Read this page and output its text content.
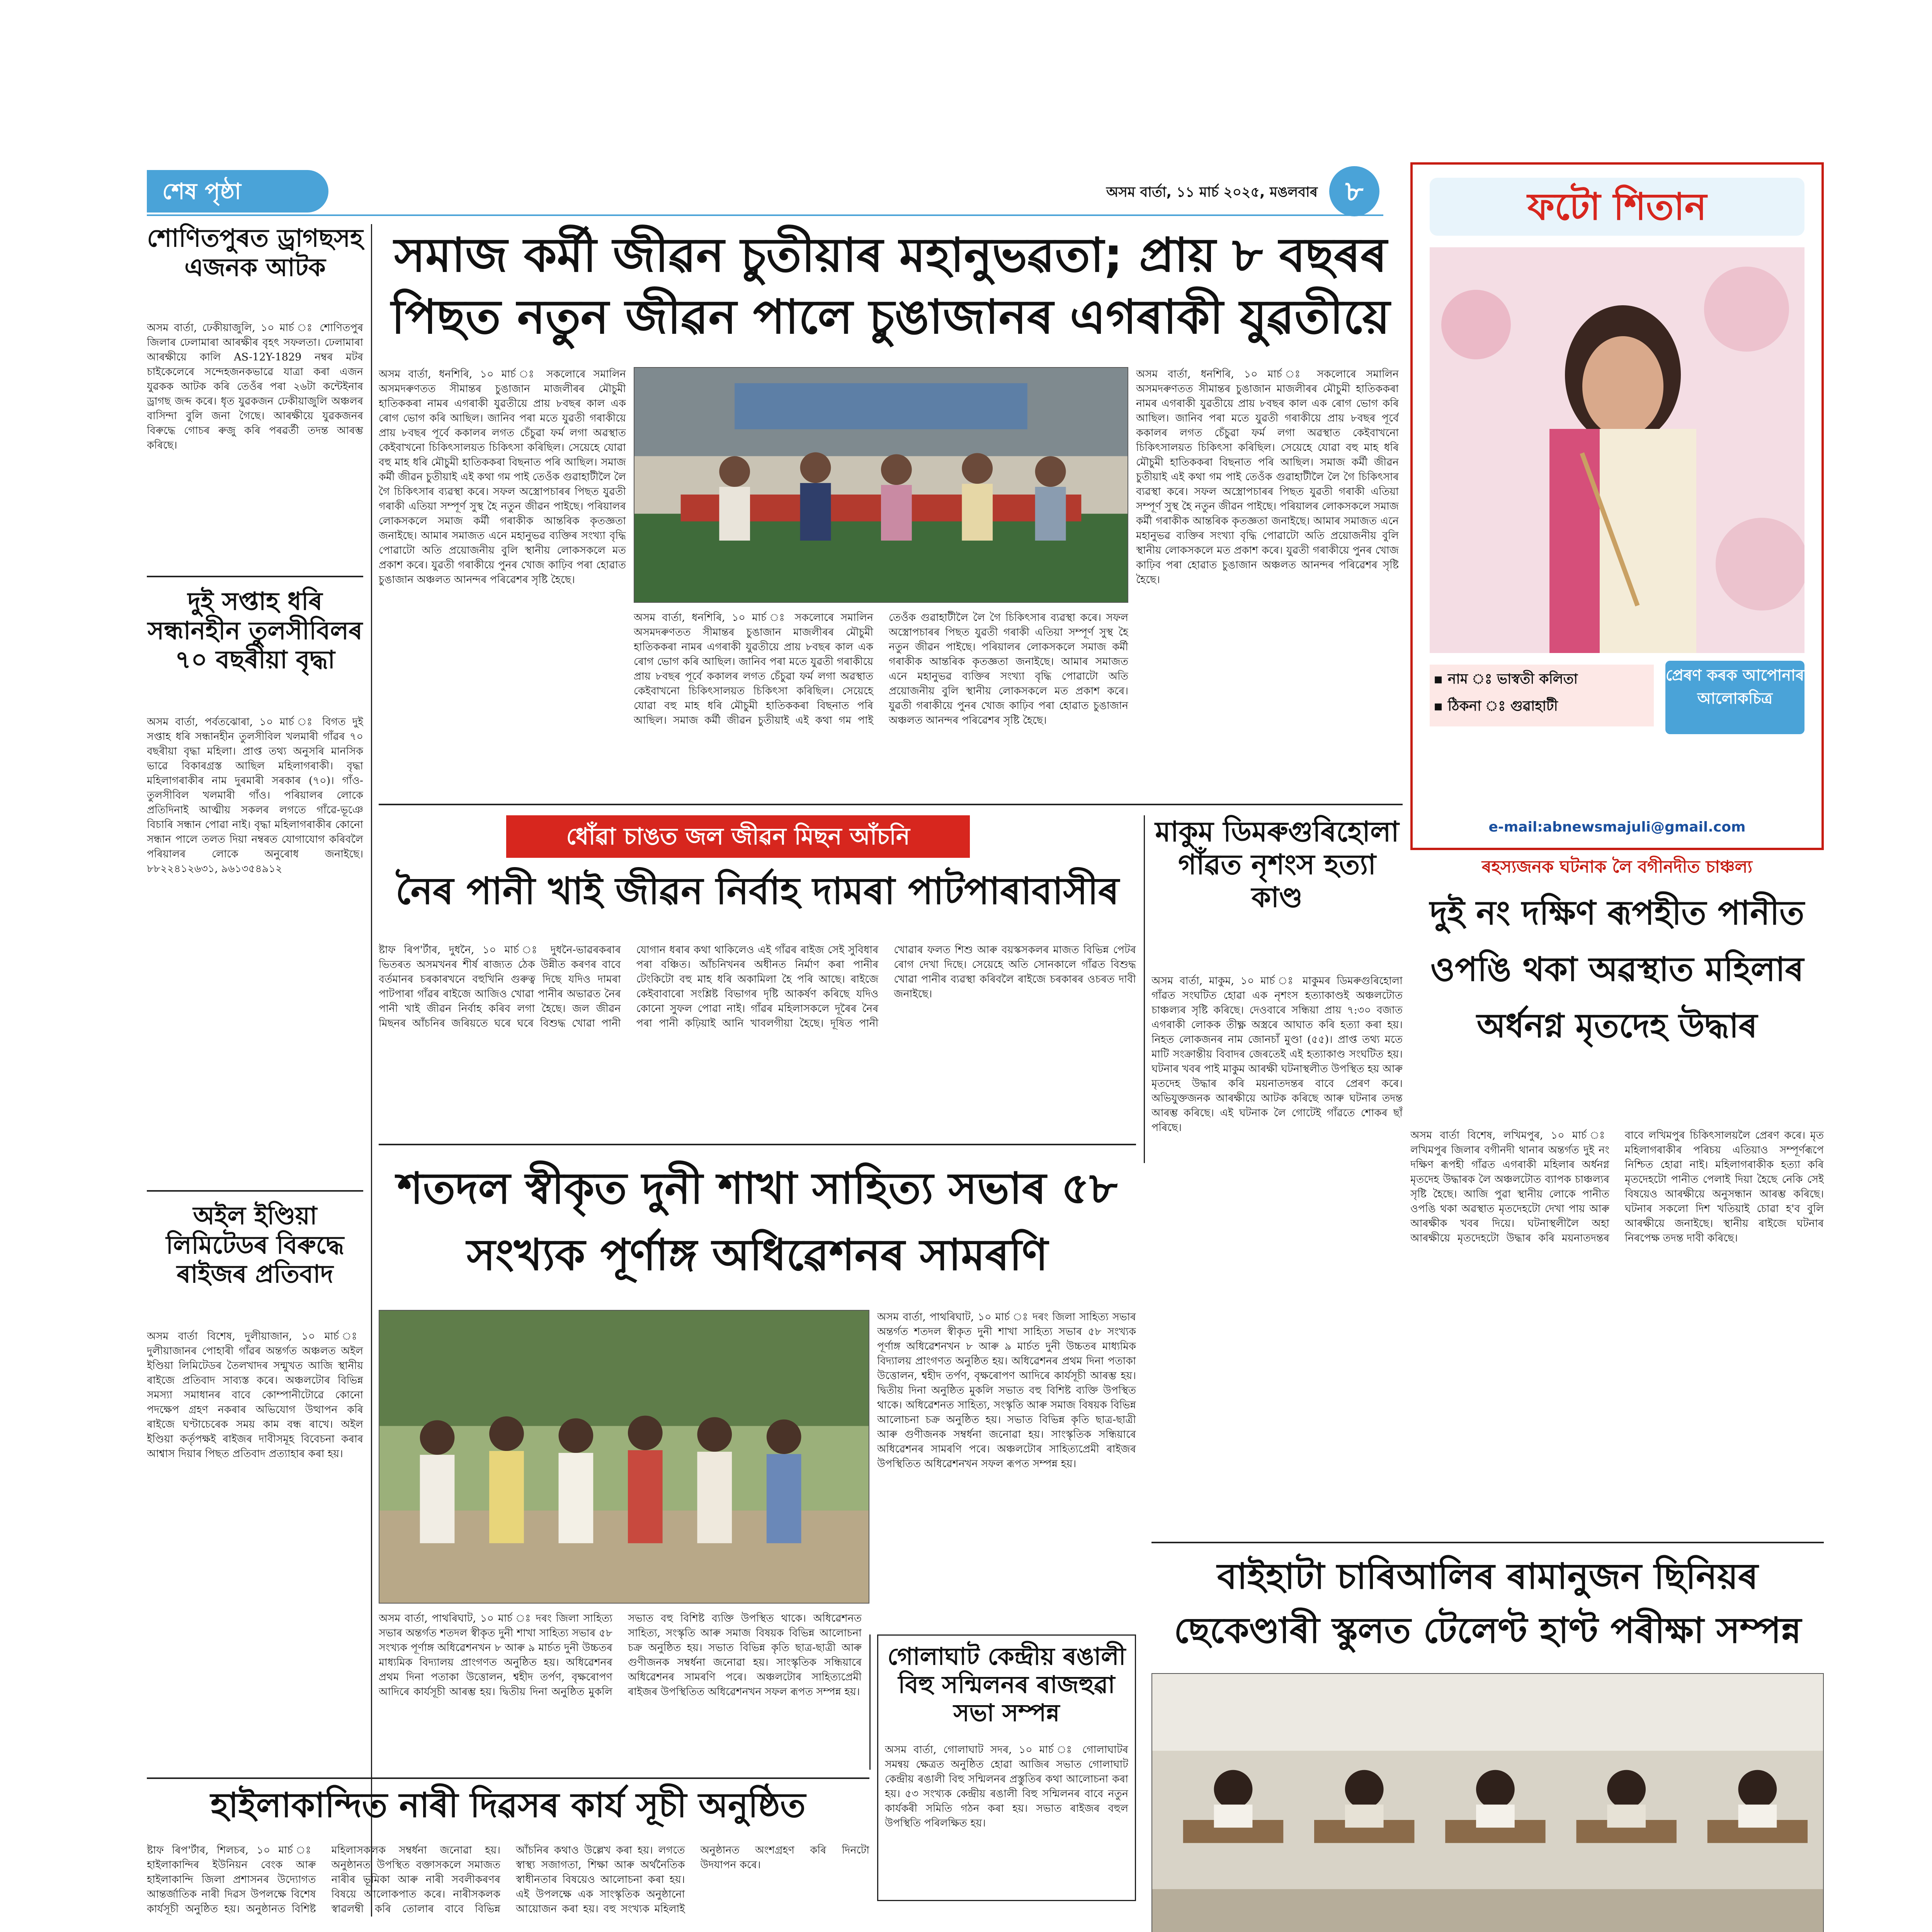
শেষ পৃষ্ঠা	অসম বাৰ্তা, ১১ মাৰ্চ ২০২৫, মঙলবাৰ ৮
শোণিতপুৰত ড্ৰাগছসহ এজনক আটক
অসম বাৰ্তা, ঢেকীয়াজুলি, ১০ মাৰ্চ ঃ শোণিতপুৰ জিলাৰ ঢেলামাৰা আৰক্ষীৰ বৃহৎ সফলতা। ঢেলামাৰা আৰক্ষীয়ে কালি AS-12Y-1829 নম্বৰ মটৰ চাইকেলেৰে সন্দেহজনকভাৱে যাত্ৰা কৰা এজন যুৱকক আটক কৰি তেওঁৰ পৰা ২৬টা কন্টেইনাৰ ড্ৰাগছ জব্দ কৰে। ধৃত যুৱকজন ঢেকীয়াজুলি অঞ্চলৰ বাসিন্দা বুলি জনা গৈছে। আৰক্ষীয়ে যুৱকজনৰ বিৰুদ্ধে গোচৰ ৰুজু কৰি পৰৱৰ্তী তদন্ত আৰম্ভ কৰিছে।
দুই সপ্তাহ ধৰি সন্ধানহীন তুলসীবিলৰ ৭০ বছৰীয়া বৃদ্ধা
অসম বাৰ্তা, পৰ্বতঝোৰা, ১০ মাৰ্চ ঃ বিগত দুই সপ্তাহ ধৰি সন্ধানহীন তুলসীবিল খলমাৰী গাঁৱৰ ৭০ বছৰীয়া বৃদ্ধা মহিলা। প্ৰাপ্ত তথ্য অনুসৰি মানসিক ভাৱে বিকাৰগ্ৰস্ত আছিল মহিলাগৰাকী। বৃদ্ধা মহিলাগৰাকীৰ নাম দুৰমাৰী সৰকাৰ (৭০)। গাঁও-তুলসীবিল খলমাৰী গাঁও। পৰিয়ালৰ লোকে প্ৰতিদিনাই আত্মীয় সকলৰ লগতে গাঁৱে-ভূঞে বিচাৰি সন্ধান পোৱা নাই। বৃদ্ধা মহিলাগৰাকীৰ কোনো সন্ধান পালে তলত দিয়া নম্বৰত যোগাযোগ কৰিবলৈ পৰিয়ালৰ লোকে অনুৰোধ জনাইছে। ৮৮২২৪১২৬৩১, ৯৬১৩৫৪৯১২
অইল ইণ্ডিয়া লিমিটেডৰ বিৰুদ্ধে ৰাইজৰ প্ৰতিবাদ
অসম বাৰ্তা বিশেষ, দুলীয়াজান, ১০ মাৰ্চ ঃ দুলীয়াজানৰ পোহাৰী গাঁৱৰ অন্তৰ্গত অঞ্চলত অইল ইণ্ডিয়া লিমিটেডৰ তৈলখাদৰ সন্মুখত আজি স্থানীয় ৰাইজে প্ৰতিবাদ সাব্যস্ত কৰে। অঞ্চলটোৰ বিভিন্ন সমস্যা সমাধানৰ বাবে কোম্পানীটোৱে কোনো পদক্ষেপ গ্ৰহণ নকৰাৰ অভিযোগ উত্থাপন কৰি ৰাইজে ঘণ্টাচেৰেক সময় কাম বন্ধ ৰাখে। অইল ইণ্ডিয়া কৰ্তৃপক্ষই ৰাইজৰ দাবীসমূহ বিবেচনা কৰাৰ আশ্বাস দিয়াৰ পিছত প্ৰতিবাদ প্ৰত্যাহাৰ কৰা হয়।
সমাজ কৰ্মী জীৱন চুতীয়াৰ মহানুভৱতা; প্ৰায় ৮ বছৰৰ পিছত নতুন জীৱন পালে চুঙাজানৰ এগৰাকী যুৱতীয়ে
অসম বাৰ্তা, ধনশিৰি, ১০ মাৰ্চ ঃ সকলোৰে সমালিন অসমদৰুণতত সীমান্তৰ চুঙাজান মাজলীৰৰ মৌচুমী হাতিককৰা নামৰ এগৰাকী যুৱতীয়ে প্ৰায় ৮বছৰ কাল এক ৰোগ ভোগ কৰি আছিল। জানিব পৰা মতে যুৱতী গৰাকীয়ে প্ৰায় ৮বছৰ পূৰ্বে ককালৰ লগত চেঁচুৱা ফৰ্ম লগা অৱস্থাত কেইবাখনো চিকিৎসালয়ত চিকিৎসা কৰিছিল। সেয়েহে যোৱা বহু মাহ ধৰি মৌচুমী হাতিককৰা বিছনাত পৰি আছিল। সমাজ কৰ্মী জীৱন চুতীয়াই এই কথা গম পাই তেওঁক গুৱাহাটীলৈ লৈ গৈ চিকিৎসাৰ ব্যৱস্থা কৰে। সফল অস্ত্ৰোপচাৰৰ পিছত যুৱতী গৰাকী এতিয়া সম্পূৰ্ণ সুস্থ হৈ নতুন জীৱন পাইছে। পৰিয়ালৰ লোকসকলে সমাজ কৰ্মী গৰাকীক আন্তৰিক কৃতজ্ঞতা জনাইছে। আমাৰ সমাজত এনে মহানুভৱ ব্যক্তিৰ সংখ্যা বৃদ্ধি পোৱাটো অতি প্ৰয়োজনীয় বুলি স্থানীয় লোকসকলে মত প্ৰকাশ কৰে। যুৱতী গৰাকীয়ে পুনৰ খোজ কাঢ়িব পৰা হোৱাত চুঙাজান অঞ্চলত আনন্দৰ পৰিৱেশৰ সৃষ্টি হৈছে।
অসম বাৰ্তা, ধনশিৰি, ১০ মাৰ্চ ঃ সকলোৰে সমালিন অসমদৰুণতত সীমান্তৰ চুঙাজান মাজলীৰৰ মৌচুমী হাতিককৰা নামৰ এগৰাকী যুৱতীয়ে প্ৰায় ৮বছৰ কাল এক ৰোগ ভোগ কৰি আছিল। জানিব পৰা মতে যুৱতী গৰাকীয়ে প্ৰায় ৮বছৰ পূৰ্বে ককালৰ লগত চেঁচুৱা ফৰ্ম লগা অৱস্থাত কেইবাখনো চিকিৎসালয়ত চিকিৎসা কৰিছিল। সেয়েহে যোৱা বহু মাহ ধৰি মৌচুমী হাতিককৰা বিছনাত পৰি আছিল। সমাজ কৰ্মী জীৱন চুতীয়াই এই কথা গম পাই তেওঁক গুৱাহাটীলৈ লৈ গৈ চিকিৎসাৰ ব্যৱস্থা কৰে। সফল অস্ত্ৰোপচাৰৰ পিছত যুৱতী গৰাকী এতিয়া সম্পূৰ্ণ সুস্থ হৈ নতুন জীৱন পাইছে। পৰিয়ালৰ লোকসকলে সমাজ কৰ্মী গৰাকীক আন্তৰিক কৃতজ্ঞতা জনাইছে। আমাৰ সমাজত এনে মহানুভৱ ব্যক্তিৰ সংখ্যা বৃদ্ধি পোৱাটো অতি প্ৰয়োজনীয় বুলি স্থানীয় লোকসকলে মত প্ৰকাশ কৰে। যুৱতী গৰাকীয়ে পুনৰ খোজ কাঢ়িব পৰা হোৱাত চুঙাজান অঞ্চলত আনন্দৰ পৰিৱেশৰ সৃষ্টি হৈছে।
অসম বাৰ্তা, ধনশিৰি, ১০ মাৰ্চ ঃ সকলোৰে সমালিন অসমদৰুণতত সীমান্তৰ চুঙাজান মাজলীৰৰ মৌচুমী হাতিককৰা নামৰ এগৰাকী যুৱতীয়ে প্ৰায় ৮বছৰ কাল এক ৰোগ ভোগ কৰি আছিল। জানিব পৰা মতে যুৱতী গৰাকীয়ে প্ৰায় ৮বছৰ পূৰ্বে ককালৰ লগত চেঁচুৱা ফৰ্ম লগা অৱস্থাত কেইবাখনো চিকিৎসালয়ত চিকিৎসা কৰিছিল। সেয়েহে যোৱা বহু মাহ ধৰি মৌচুমী হাতিককৰা বিছনাত পৰি আছিল। সমাজ কৰ্মী জীৱন চুতীয়াই এই কথা গম পাই তেওঁক গুৱাহাটীলৈ লৈ গৈ চিকিৎসাৰ ব্যৱস্থা কৰে। সফল অস্ত্ৰোপচাৰৰ পিছত যুৱতী গৰাকী এতিয়া সম্পূৰ্ণ সুস্থ হৈ নতুন জীৱন পাইছে। পৰিয়ালৰ লোকসকলে সমাজ কৰ্মী গৰাকীক আন্তৰিক কৃতজ্ঞতা জনাইছে। আমাৰ সমাজত এনে মহানুভৱ ব্যক্তিৰ সংখ্যা বৃদ্ধি পোৱাটো অতি প্ৰয়োজনীয় বুলি স্থানীয় লোকসকলে মত প্ৰকাশ কৰে। যুৱতী গৰাকীয়ে পুনৰ খোজ কাঢ়িব পৰা হোৱাত চুঙাজান অঞ্চলত আনন্দৰ পৰিৱেশৰ সৃষ্টি হৈছে।
ধোঁৱা চাঙত জল জীৱন মিছন আঁচনি
নৈৰ পানী খাই জীৱন নিৰ্বাহ দামৰা পাটপাৰাবাসীৰ
ষ্টাফ ৰিপ'ৰ্টাৰ, দুধনৈ, ১০ মাৰ্চ ঃ দুধনৈ-ভাৱৰকৰাৰ ভিতৰত অসমখনৰ শীৰ্ষ ৰাজ্যত ঠেক উন্নীত কৰণৰ বাবে বৰ্তমানৰ চৰকাৰখনে বহুখিনি গুৰুত্ব দিছে যদিও দামৰা পাটপাৰা গাঁৱৰ ৰাইজে আজিও খোৱা পানীৰ অভাৱত নৈৰ পানী খাই জীৱন নিৰ্বাহ কৰিব লগা হৈছে। জল জীৱন মিছনৰ আঁচনিৰ জৰিয়তে ঘৰে ঘৰে বিশুদ্ধ খোৱা পানী যোগান ধৰাৰ কথা থাকিলেও এই গাঁৱৰ ৰাইজ সেই সুবিধাৰ পৰা বঞ্চিত। আঁচনিখনৰ অধীনত নিৰ্মাণ কৰা পানীৰ টেংকিটো বহু মাহ ধৰি অকামিলা হৈ পৰি আছে। ৰাইজে কেইবাবাৰো সংশ্লিষ্ট বিভাগৰ দৃষ্টি আকৰ্ষণ কৰিছে যদিও কোনো সুফল পোৱা নাই। গাঁৱৰ মহিলাসকলে দূৰৈৰ নৈৰ পৰা পানী কঢ়িয়াই আনি খাবলগীয়া হৈছে। দূষিত পানী খোৱাৰ ফলত শিশু আৰু বয়স্কসকলৰ মাজত বিভিন্ন পেটৰ ৰোগ দেখা দিছে। সেয়েহে অতি সোনকালে গাঁৱত বিশুদ্ধ খোৱা পানীৰ ব্যৱস্থা কৰিবলৈ ৰাইজে চৰকাৰৰ ওচৰত দাবী জনাইছে।
মাকুম ডিমৰুগুৰিহোলা গাঁৱত নৃশংস হত্যা কাণ্ড
অসম বাৰ্তা, মাকুম, ১০ মাৰ্চ ঃ মাকুমৰ ডিমৰুগুৰিহোলা গাঁৱত সংঘটিত হোৱা এক নৃশংস হত্যাকাণ্ডই অঞ্চলটোত চাঞ্চল্যৰ সৃষ্টি কৰিছে। দেওবাৰে সন্ধিয়া প্ৰায় ৭:৩০ বজাত এগৰাকী লোকক তীক্ষ্ণ অস্ত্ৰৰে আঘাত কৰি হত্যা কৰা হয়। নিহত লোকজনৰ নাম জোনচাঁ মুণ্ডা (৫৫)। প্ৰাপ্ত তথ্য মতে মাটি সংক্ৰান্তীয় বিবাদৰ জেৰতেই এই হত্যাকাণ্ড সংঘটিত হয়। ঘটনাৰ খবৰ পাই মাকুম আৰক্ষী ঘটনাস্থলীত উপস্থিত হয় আৰু মৃতদেহ উদ্ধাৰ কৰি ময়নাতদন্তৰ বাবে প্ৰেৰণ কৰে। অভিযুক্তজনক আৰক্ষীয়ে আটক কৰিছে আৰু ঘটনাৰ তদন্ত আৰম্ভ কৰিছে। এই ঘটনাক লৈ গোটেই গাঁৱতে শোকৰ ছাঁ পৰিছে।
শতদল স্বীকৃত দুনী শাখা সাহিত্য সভাৰ ৫৮ সংখ্যক পূৰ্ণাঙ্গ অধিৱেশনৰ সামৰণি
অসম বাৰ্তা, পাথৰিঘাট, ১০ মাৰ্চ ঃ দৰং জিলা সাহিত্য সভাৰ অন্তৰ্গত শতদল স্বীকৃত দুনী শাখা সাহিত্য সভাৰ ৫৮ সংখ্যক পূৰ্ণাঙ্গ অধিৱেশনখন ৮ আৰু ৯ মাৰ্চত দুনী উচ্চতৰ মাধ্যমিক বিদ্যালয় প্ৰাংগণত অনুষ্ঠিত হয়। অধিৱেশনৰ প্ৰথম দিনা পতাকা উত্তোলন, শ্বহীদ তৰ্পণ, বৃক্ষৰোপণ আদিৰে কাৰ্যসূচী আৰম্ভ হয়। দ্বিতীয় দিনা অনুষ্ঠিত মুকলি সভাত বহু বিশিষ্ট ব্যক্তি উপস্থিত থাকে। অধিৱেশনত সাহিত্য, সংস্কৃতি আৰু সমাজ বিষয়ক বিভিন্ন আলোচনা চক্ৰ অনুষ্ঠিত হয়। সভাত বিভিন্ন কৃতি ছাত্ৰ-ছাত্ৰী আৰু গুণীজনক সম্বৰ্ধনা জনোৱা হয়। সাংস্কৃতিক সন্ধিয়াৰে অধিৱেশনৰ সামৰণি পৰে। অঞ্চলটোৰ সাহিত্যপ্ৰেমী ৰাইজৰ উপস্থিতিত অধিৱেশনখন সফল ৰূপত সম্পন্ন হয়।
অসম বাৰ্তা, পাথৰিঘাট, ১০ মাৰ্চ ঃ দৰং জিলা সাহিত্য সভাৰ অন্তৰ্গত শতদল স্বীকৃত দুনী শাখা সাহিত্য সভাৰ ৫৮ সংখ্যক পূৰ্ণাঙ্গ অধিৱেশনখন ৮ আৰু ৯ মাৰ্চত দুনী উচ্চতৰ মাধ্যমিক বিদ্যালয় প্ৰাংগণত অনুষ্ঠিত হয়। অধিৱেশনৰ প্ৰথম দিনা পতাকা উত্তোলন, শ্বহীদ তৰ্পণ, বৃক্ষৰোপণ আদিৰে কাৰ্যসূচী আৰম্ভ হয়। দ্বিতীয় দিনা অনুষ্ঠিত মুকলি সভাত বহু বিশিষ্ট ব্যক্তি উপস্থিত থাকে। অধিৱেশনত সাহিত্য, সংস্কৃতি আৰু সমাজ বিষয়ক বিভিন্ন আলোচনা চক্ৰ অনুষ্ঠিত হয়। সভাত বিভিন্ন কৃতি ছাত্ৰ-ছাত্ৰী আৰু গুণীজনক সম্বৰ্ধনা জনোৱা হয়। সাংস্কৃতিক সন্ধিয়াৰে অধিৱেশনৰ সামৰণি পৰে। অঞ্চলটোৰ সাহিত্যপ্ৰেমী ৰাইজৰ উপস্থিতিত অধিৱেশনখন সফল ৰূপত সম্পন্ন হয়।
গোলাঘাট কেন্দ্ৰীয় ৰঙালী বিহু সন্মিলনৰ ৰাজহুৱা সভা সম্পন্ন
অসম বাৰ্তা, গোলাঘাট সদৰ, ১০ মাৰ্চ ঃ গোলাঘাটৰ সমন্বয় ক্ষেত্ৰত অনুষ্ঠিত হোৱা আজিৰ সভাত গোলাঘাট কেন্দ্ৰীয় ৰঙালী বিহু সন্মিলনৰ প্ৰস্তুতিৰ কথা আলোচনা কৰা হয়। ৫৩ সংখ্যক কেন্দ্ৰীয় ৰঙালী বিহু সন্মিলনৰ বাবে নতুন কাৰ্যকৰী সমিতি গঠন কৰা হয়। সভাত ৰাইজৰ বহুল উপস্থিতি পৰিলক্ষিত হয়।
হাইলাকান্দিত নাৰী দিৱসৰ কাৰ্য সূচী অনুষ্ঠিত
ষ্টাফ ৰিপ'ৰ্টাৰ, শিলচৰ, ১০ মাৰ্চ ঃ হাইলাকান্দিৰ ইউনিয়ন বেংক আৰু হাইলাকান্দি জিলা প্ৰশাসনৰ উদ্যোগত আন্তৰ্জাতিক নাৰী দিৱস উপলক্ষে বিশেষ কাৰ্যসূচী অনুষ্ঠিত হয়। অনুষ্ঠানত বিশিষ্ট মহিলাসকলক সম্বৰ্ধনা জনোৱা হয়। অনুষ্ঠানত উপস্থিত বক্তাসকলে সমাজত নাৰীৰ ভূমিকা আৰু নাৰী সবলীকৰণৰ বিষয়ে আলোকপাত কৰে। নাৰীসকলক স্বাৱলম্বী কৰি তোলাৰ বাবে বিভিন্ন আঁচনিৰ কথাও উল্লেখ কৰা হয়। লগতে স্বাস্থ্য সজাগতা, শিক্ষা আৰু অৰ্থনৈতিক স্বাধীনতাৰ বিষয়েও আলোচনা কৰা হয়। এই উপলক্ষে এক সাংস্কৃতিক অনুষ্ঠানো আয়োজন কৰা হয়। বহু সংখ্যক মহিলাই অনুষ্ঠানত অংশগ্ৰহণ কৰি দিনটো উদযাপন কৰে।
ফটো শিতান
▪ নাম ঃ ভাস্বতী কলিতা
▪ ঠিকনা ঃ গুৱাহাটী
প্ৰেৰণ কৰক আপোনাৰ আলোকচিত্ৰ
e-mail:abnewsmajuli@gmail.com
ৰহস্যজনক ঘটনাক লৈ বগীনদীত চাঞ্চল্য
দুই নং দক্ষিণ ৰূপহীত পানীত ওপঙি থকা অৱস্থাত মহিলাৰ অৰ্ধনগ্ন মৃতদেহ উদ্ধাৰ
অসম বাৰ্তা বিশেষ, লখিমপুৰ, ১০ মাৰ্চ ঃ লখিমপুৰ জিলাৰ বগীনদী থানাৰ অন্তৰ্গত দুই নং দক্ষিণ ৰূপহী গাঁৱত এগৰাকী মহিলাৰ অৰ্ধনগ্ন মৃতদেহ উদ্ধাৰক লৈ অঞ্চলটোত ব্যাপক চাঞ্চল্যৰ সৃষ্টি হৈছে। আজি পুৱা স্থানীয় লোকে পানীত ওপঙি থকা অৱস্থাত মৃতদেহটো দেখা পায় আৰু আৰক্ষীক খবৰ দিয়ে। ঘটনাস্থলীলৈ অহা আৰক্ষীয়ে মৃতদেহটো উদ্ধাৰ কৰি ময়নাতদন্তৰ বাবে লখিমপুৰ চিকিৎসালয়লৈ প্ৰেৰণ কৰে। মৃত মহিলাগৰাকীৰ পৰিচয় এতিয়াও সম্পূৰ্ণৰূপে নিশ্চিত হোৱা নাই। মহিলাগৰাকীক হত্যা কৰি মৃতদেহটো পানীত পেলাই দিয়া হৈছে নেকি সেই বিষয়েও আৰক্ষীয়ে অনুসন্ধান আৰম্ভ কৰিছে। ঘটনাৰ সকলো দিশ খতিয়াই চোৱা হ'ব বুলি আৰক্ষীয়ে জনাইছে। স্থানীয় ৰাইজে ঘটনাৰ নিৰপেক্ষ তদন্ত দাবী কৰিছে।
বাইহাটা চাৰিআলিৰ ৰামানুজন ছিনিয়ৰ ছেকেণ্ডাৰী স্কুলত টেলেণ্ট হাণ্ট পৰীক্ষা সম্পন্ন
